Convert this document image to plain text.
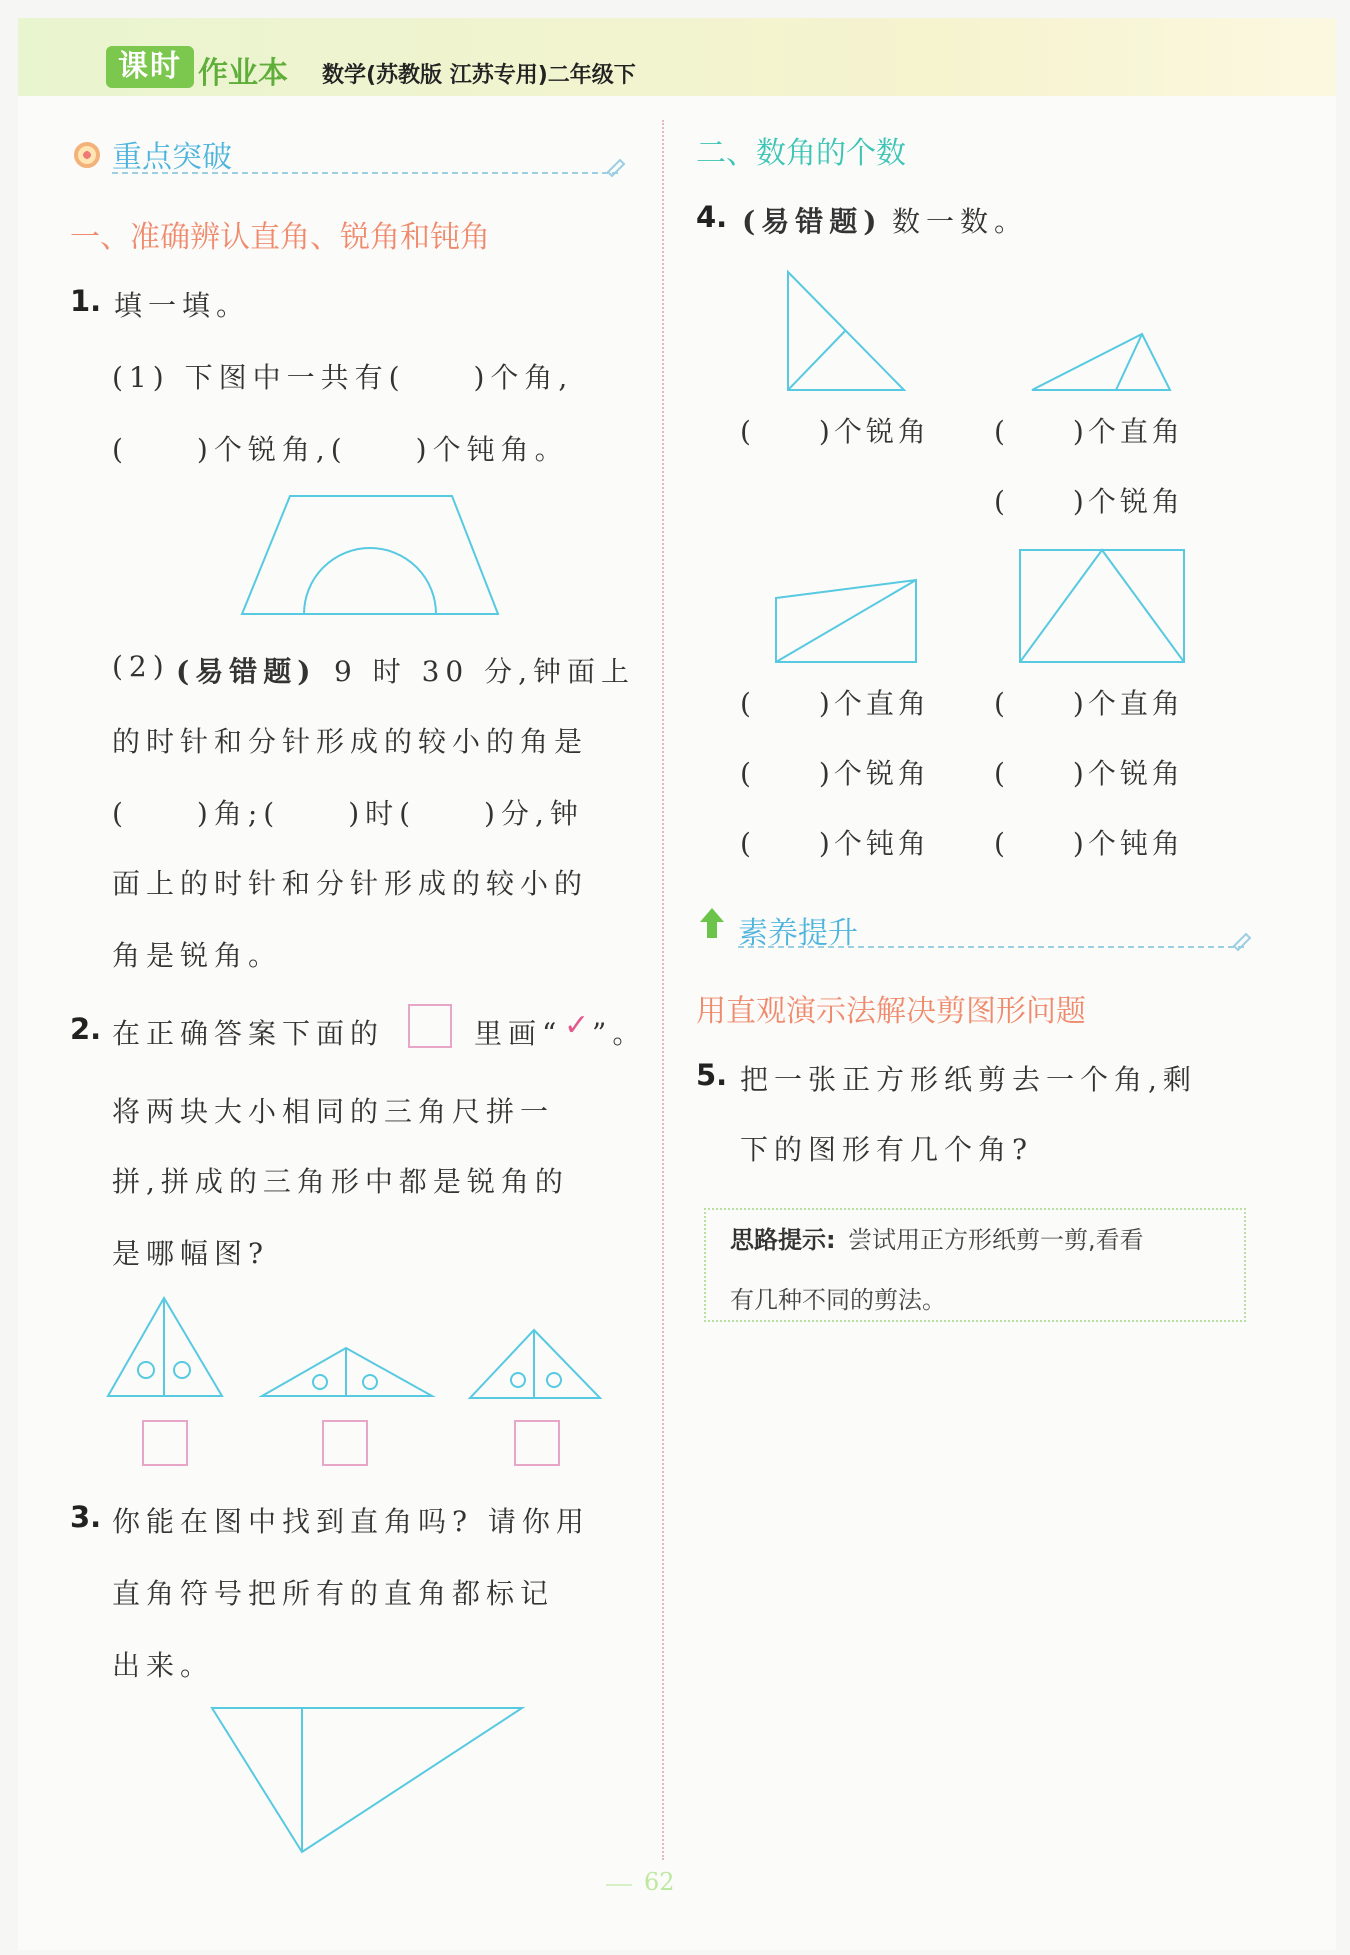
课时 作业本 数学(苏教版 江苏专用)二年级下
重点突破
一、准确辨认直角、锐角和钝角
1. 填一填。
(1) 下图中一共有(　　)个角,
(　　)个锐角,(　　)个钝角。
(2) (易错题) 9 时 30 分,钟面上
的时针和分针形成的较小的角是
(　　)角;(　　)时(　　)分,钟
面上的时针和分针形成的较小的
角是锐角。
2. 在正确答案下面的	里画“ ✓ ”。
将两块大小相同的三角尺拼一
拼,拼成的三角形中都是锐角的
是哪幅图?
3. 你能在图中找到直角吗? 请你用
直角符号把所有的直角都标记
出来。
二、数角的个数
4. (易错题) 数一数。
(　　)个锐角 (　　)个直角
(　　)个锐角
(　　)个直角
(　　)个锐角
(　　)个钝角
(　　)个直角
(　　)个锐角
(　　)个钝角
素养提升
用直观演示法解决剪图形问题
5. 把一张正方形纸剪去一个角,剩
下的图形有几个角?
思路提示: 尝试用正方形纸剪一剪,看看
有几种不同的剪法。
62
